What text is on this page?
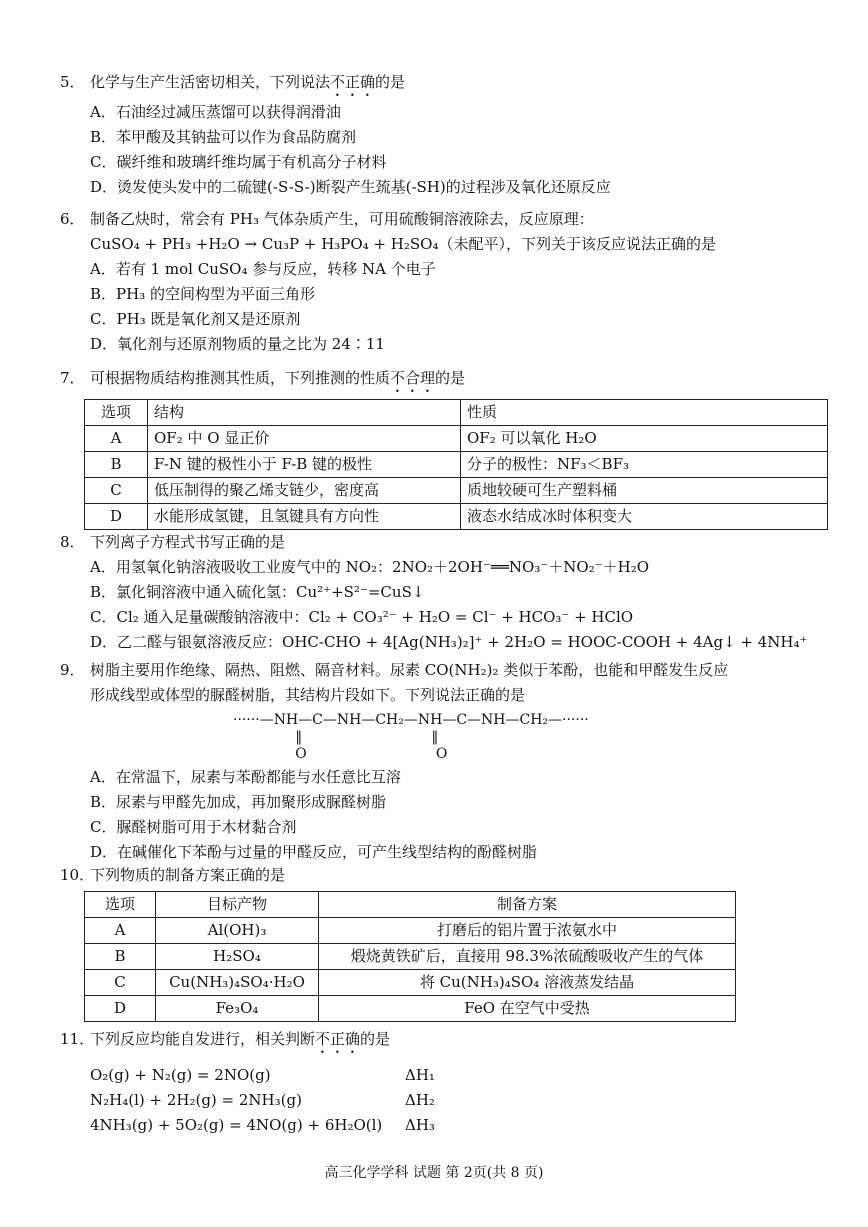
5． 化学与生产生活密切相关，下列说法不正确的是
A．石油经过减压蒸馏可以获得润滑油
B．苯甲酸及其钠盐可以作为食品防腐剂
C．碳纤维和玻璃纤维均属于有机高分子材料
D．烫发使头发中的二硫键(-S-S-)断裂产生巯基(-SH)的过程涉及氧化还原反应
6． 制备乙炔时，常会有 PH₃ 气体杂质产生，可用硫酸铜溶液除去，反应原理：
CuSO₄ + PH₃ +H₂O → Cu₃P + H₃PO₄ + H₂SO₄（未配平），下列关于该反应说法正确的是
A．若有 1 mol CuSO₄ 参与反应，转移 NA 个电子
B．PH₃ 的空间构型为平面三角形
C．PH₃ 既是氧化剂又是还原剂
D．氧化剂与还原剂物质的量之比为 24∶11
7． 可根据物质结构推测其性质，下列推测的性质不合理的是
选项	结构	性质
A	OF₂ 中 O 显正价	OF₂ 可以氧化 H₂O
B	F-N 键的极性小于 F-B 键的极性	分子的极性：NF₃＜BF₃
C	低压制得的聚乙烯支链少，密度高	质地较硬可生产塑料桶
D	水能形成氢键，且氢键具有方向性	液态水结成冰时体积变大
8． 下列离子方程式书写正确的是
A．用氢氧化钠溶液吸收工业废气中的 NO₂：2NO₂＋2OH⁻══NO₃⁻＋NO₂⁻＋H₂O
B．氯化铜溶液中通入硫化氢：Cu²⁺+S²⁻=CuS↓
C．Cl₂ 通入足量碳酸钠溶液中：Cl₂ + CO₃²⁻ + H₂O = Cl⁻ + HCO₃⁻ + HClO
D．乙二醛与银氨溶液反应：OHC-CHO + 4[Ag(NH₃)₂]⁺ + 2H₂O = HOOC-COOH + 4Ag↓ + 4NH₄⁺
9． 树脂主要用作绝缘、隔热、阻燃、隔音材料。尿素 CO(NH₂)₂ 类似于苯酚，也能和甲醛发生反应
形成线型或体型的脲醛树脂，其结构片段如下。下列说法正确的是
······—NH—C—NH—CH₂—NH—C—NH—CH₂—······
‖                             ‖
O                             O
A．在常温下，尿素与苯酚都能与水任意比互溶
B．尿素与甲醛先加成，再加聚形成脲醛树脂
C．脲醛树脂可用于木材黏合剂
D．在碱催化下苯酚与过量的甲醛反应，可产生线型结构的酚醛树脂
10．下列物质的制备方案正确的是
选项	目标产物	制备方案
A	Al(OH)₃	打磨后的铝片置于浓氨水中
B	H₂SO₄	煅烧黄铁矿后，直接用 98.3%浓硫酸吸收产生的气体
C	Cu(NH₃)₄SO₄·H₂O	将 Cu(NH₃)₄SO₄ 溶液蒸发结晶
D	Fe₃O₄	FeO 在空气中受热
11．下列反应均能自发进行，相关判断不正确的是
O₂(g) + N₂(g) = 2NO(g)	ΔH₁
N₂H₄(l) + 2H₂(g) = 2NH₃(g)	ΔH₂
4NH₃(g) + 5O₂(g) = 4NO(g) + 6H₂O(l) ΔH₃
高三化学学科 试题 第 2页(共 8 页)
